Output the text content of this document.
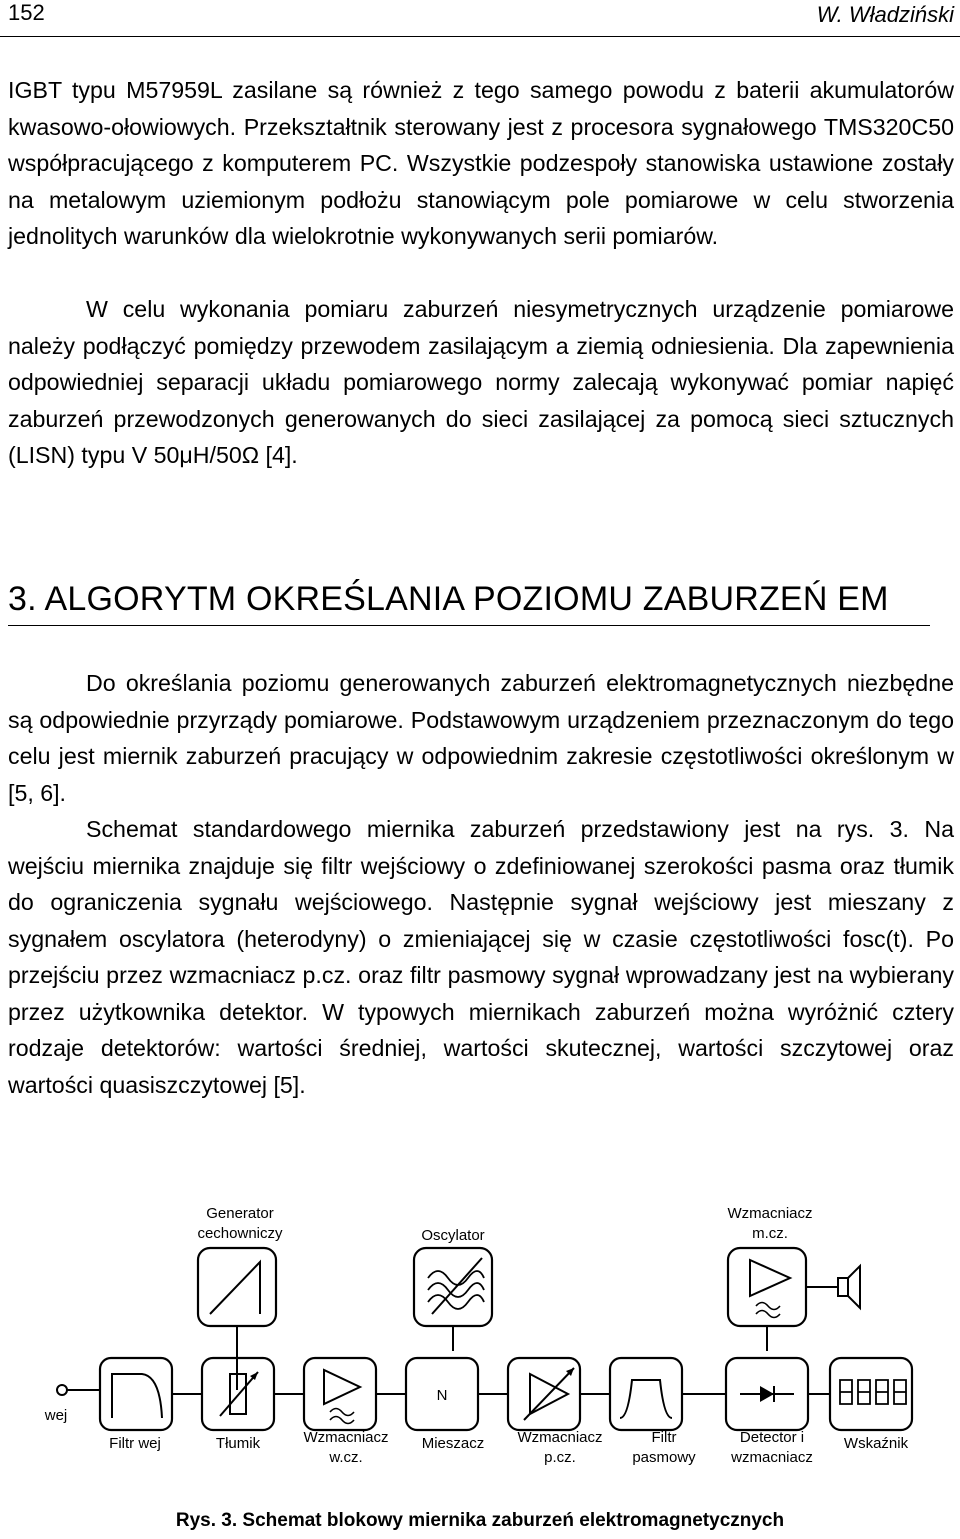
152	W. Władziński

IGBT typu M57959L zasilane są również z tego samego powodu z baterii akumulatorów kwasowo-ołowiowych. Przekształtnik sterowany jest z procesora sygnałowego TMS320C50 współpracującego z komputerem PC. Wszystkie podzespoły stanowiska ustawione zostały na metalowym uziemionym podłożu stanowiącym pole pomiarowe w celu stworzenia jednolitych warunków dla wielokrotnie wykonywanych serii pomiarów.

W celu wykonania pomiaru zaburzeń niesymetrycznych urządzenie pomiarowe należy podłączyć pomiędzy przewodem zasilającym a ziemią odniesienia. Dla zapewnienia odpowiedniej separacji układu pomiarowego normy zalecają wykonywać pomiar napięć zaburzeń przewodzonych generowanych do sieci zasilającej za pomocą sieci sztucznych (LISN) typu V 50μH/50Ω [4].

3. ALGORYTM OKREŚLANIA POZIOMU ZABURZEŃ EM

Do określania poziomu generowanych zaburzeń elektromagnetycznych niezbędne są odpowiednie przyrządy pomiarowe. Podstawowym urządzeniem przeznaczonym do tego celu jest miernik zaburzeń pracujący w odpowiednim zakresie częstotliwości określonym w [5, 6].

Schemat standardowego miernika zaburzeń przedstawiony jest na rys. 3. Na wejściu miernika znajduje się filtr wejściowy o zdefiniowanej szerokości pasma oraz tłumik do ograniczenia sygnału wejściowego. Następnie sygnał wejściowy jest mieszany z sygnałem oscylatora (heterodyny) o zmieniającej się w czasie częstotliwości fosc(t). Po przejściu przez wzmacniacz p.cz. oraz filtr pasmowy sygnał wprowadzany jest na wybierany przez użytkownika detektor. W typowych miernikach zaburzeń można wyróżnić cztery rodzaje detektorów: wartości średniej, wartości skutecznej, wartości szczytowej oraz wartości quasiszczytowej [5].

N
Generator
cechowniczy	Oscylator
Wzmacniacz
m.cz.
wej
Filtr wej	Tłumik	Wzmacniacz
w.cz.
Mieszacz Wzmacniacz
p.cz.
Filtr
pasmowy
Detector i
wzmacniacz
Wskaźnik

Rys. 3. Schemat blokowy miernika zaburzeń elektromagnetycznych
